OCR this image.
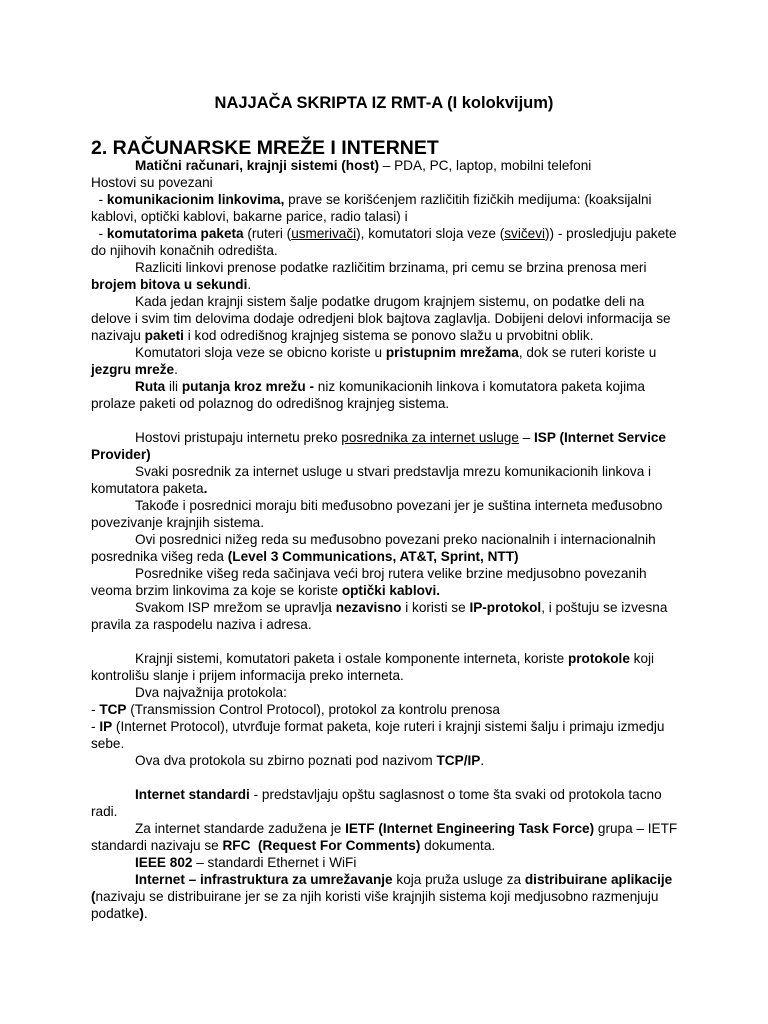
NAJJAČA SKRIPTA IZ RMT-A (I kolokvijum)
2. RAČUNARSKE MREŽE I INTERNET

Matični računari, krajnji sistemi (host) – PDA, PC, laptop, mobilni telefoni

Hostovi su povezani

- komunikacionim linkovima, prave se korišćenjem različitih fizičkih medijuma: (koaksijalni kablovi, optički kablovi, bakarne parice, radio talasi) i

- komutatorima paketa (ruteri (usmerivači), komutatori sloja veze (svičevi)) - prosledjuju pakete do njihovih konačnih odredišta.

Razliciti linkovi prenose podatke različitim brzinama, pri cemu se brzina prenosa meri brojem bitova u sekundi.

Kada jedan krajnji sistem šalje podatke drugom krajnjem sistemu, on podatke deli na delove i svim tim delovima dodaje odredjeni blok bajtova zaglavlja. Dobijeni delovi informacija se nazivaju paketi i kod odredišnog krajnjeg sistema se ponovo slažu u prvobitni oblik.

Komutatori sloja veze se obicno koriste u pristupnim mrežama, dok se ruteri koriste u jezgru mreže.

Ruta ili putanja kroz mrežu - niz komunikacionih linkova i komutatora paketa kojima prolaze paketi od polaznog do odredišnog krajnjeg sistema.

Hostovi pristupaju internetu preko posrednika za internet usluge – ISP (Internet Service Provider)

Svaki posrednik za internet usluge u stvari predstavlja mrezu komunikacionih linkova i komutatora paketa.

Takođe i posrednici moraju biti međusobno povezani jer je suština interneta međusobno povezivanje krajnjih sistema.

Ovi posrednici nižeg reda su međusobno povezani preko nacionalnih i internacionalnih posrednika višeg reda (Level 3 Communications, AT&T, Sprint, NTT)

Posrednike višeg reda sačinjava veći broj rutera velike brzine medjusobno povezanih veoma brzim linkovima za koje se koriste optički kablovi.

Svakom ISP mrežom se upravlja nezavisno i koristi se IP-protokol, i poštuju se izvesna pravila za raspodelu naziva i adresa.

Krajnji sistemi, komutatori paketa i ostale komponente interneta, koriste protokole koji kontrolišu slanje i prijem informacija preko interneta.

Dva najvažnija protokola:

- TCP (Transmission Control Protocol), protokol za kontrolu prenosa

- IP (Internet Protocol), utvrđuje format paketa, koje ruteri i krajnji sistemi šalju i primaju izmedju sebe.

Ova dva protokola su zbirno poznati pod nazivom TCP/IP.

Internet standardi - predstavljaju opštu saglasnost o tome šta svaki od protokola tacno radi.

Za internet standarde zadužena je IETF (Internet Engineering Task Force) grupa – IETF standardi nazivaju se RFC  (Request For Comments) dokumenta.

IEEE 802 – standardi Ethernet i WiFi

Internet – infrastruktura za umrežavanje koja pruža usluge za distribuirane aplikacije (nazivaju se distribuirane jer se za njih koristi više krajnjih sistema koji medjusobno razmenjuju podatke).
